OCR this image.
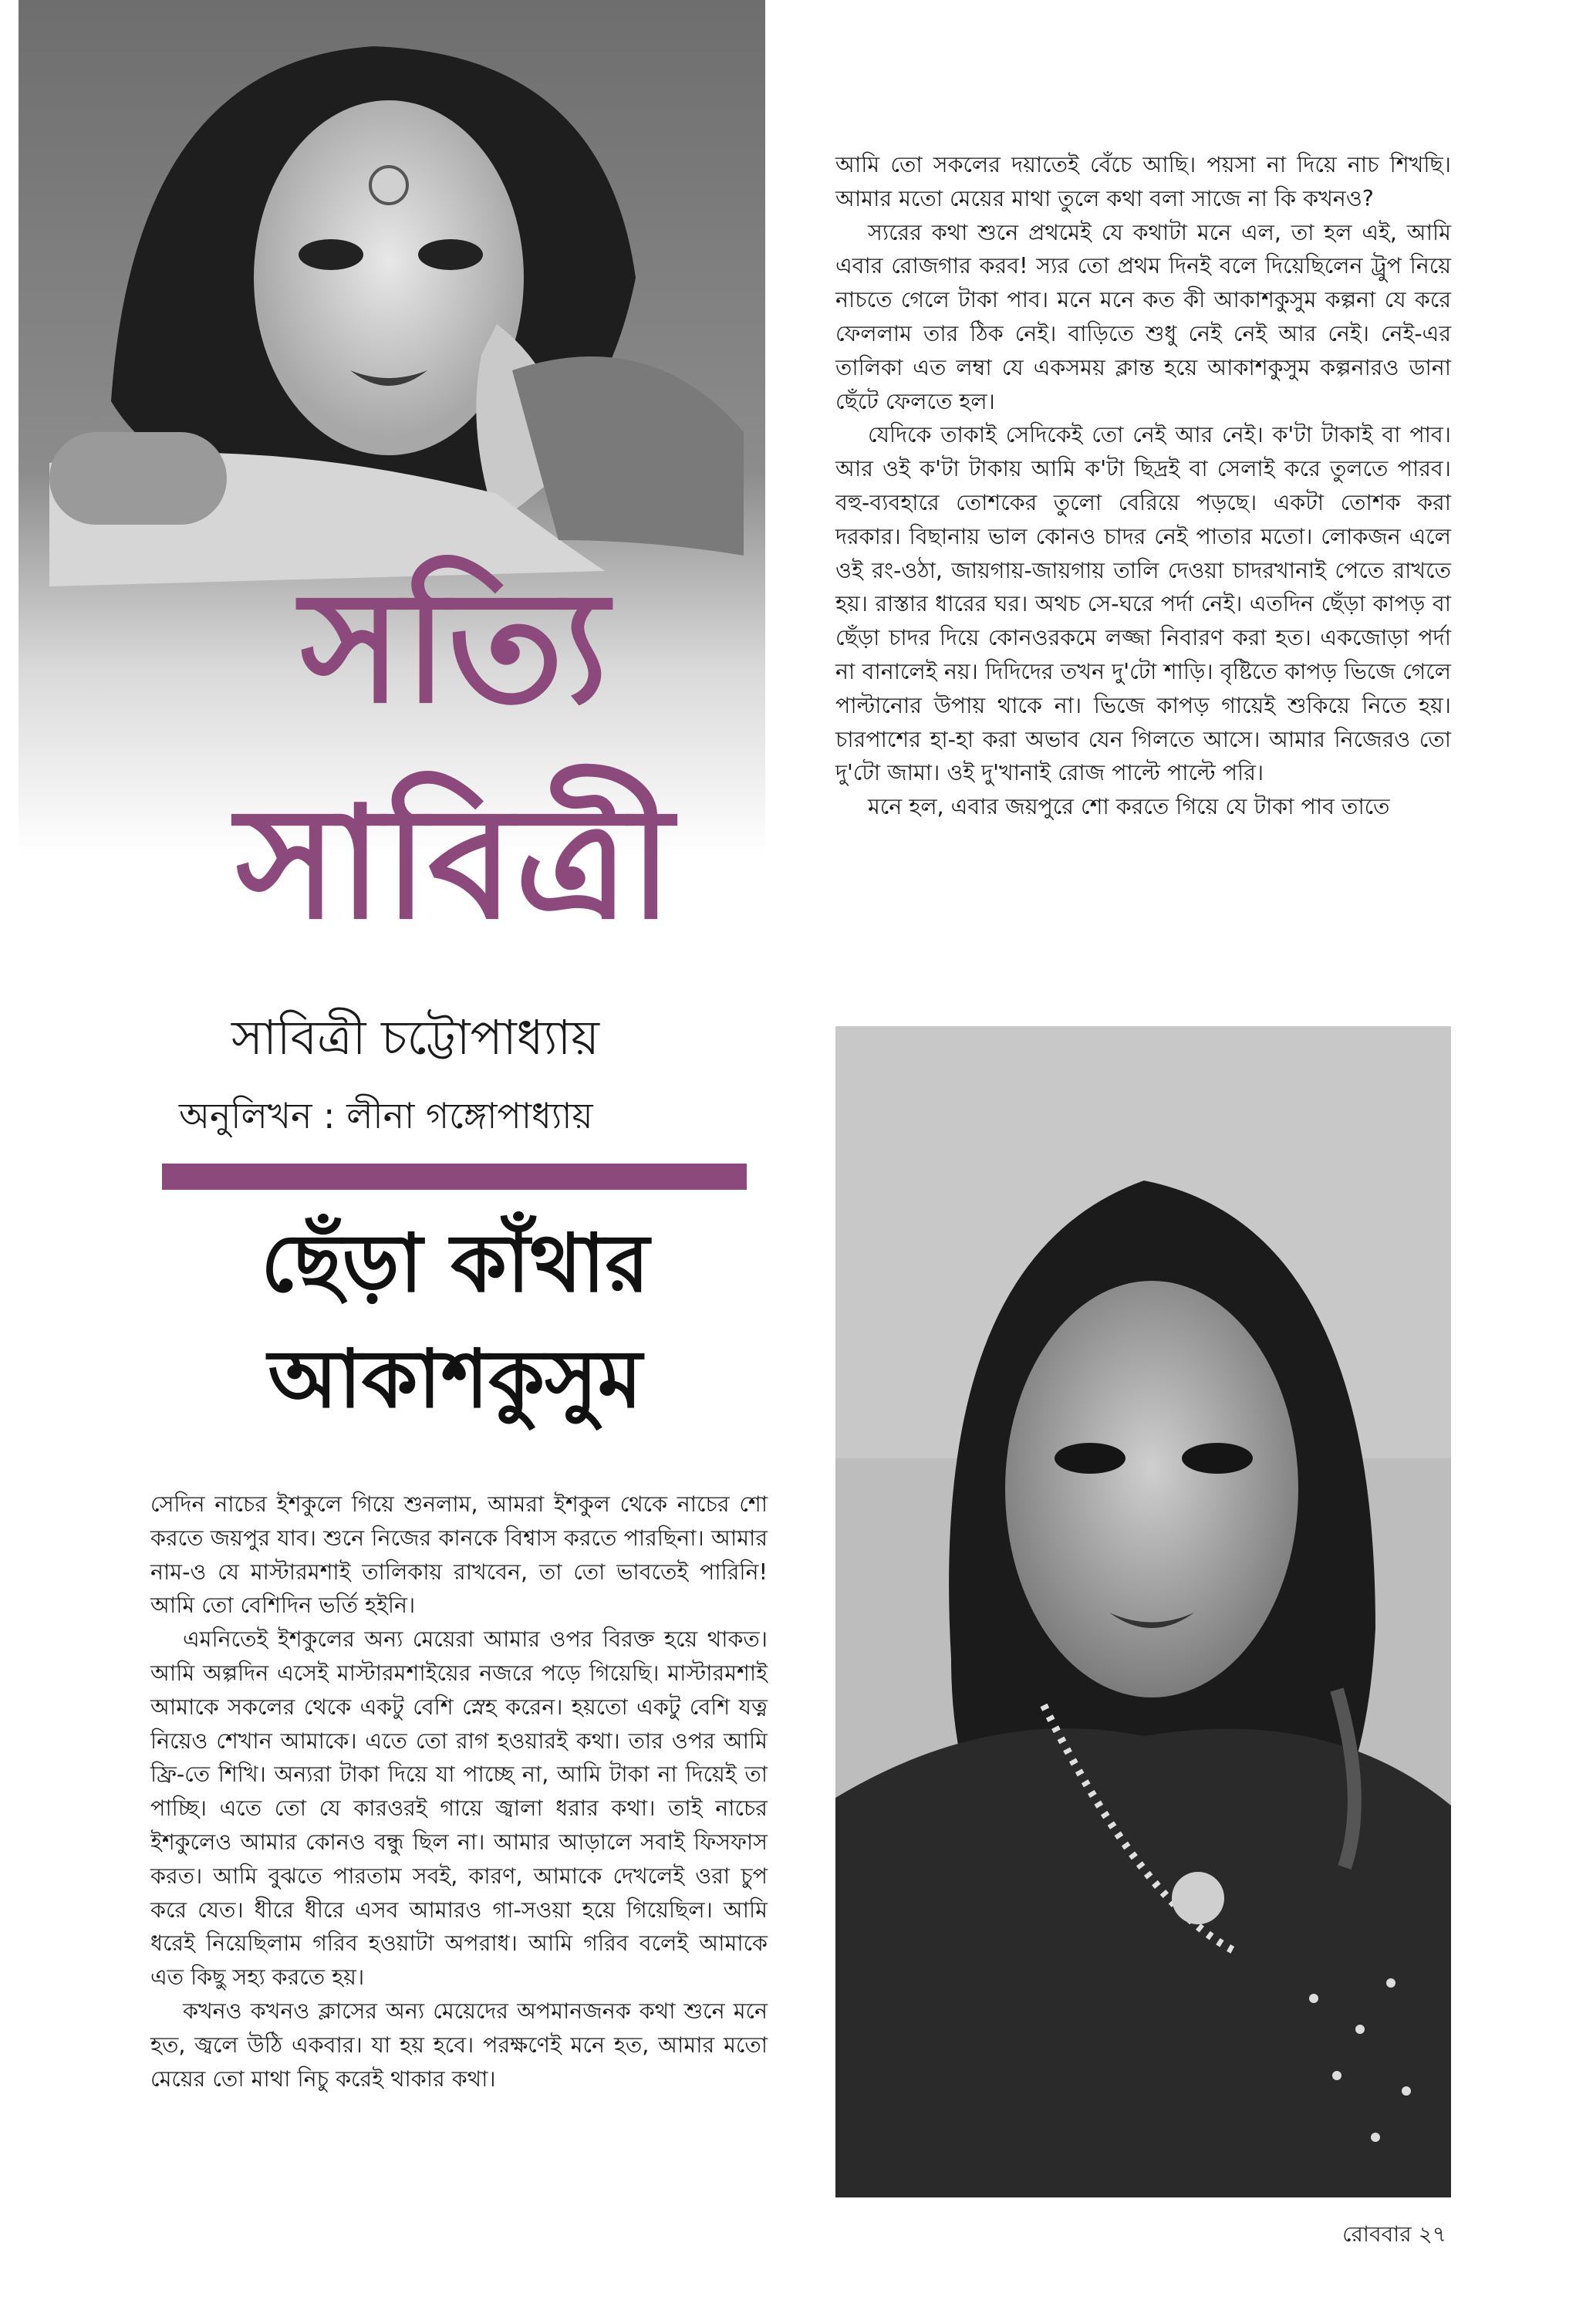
সত্যি
সাবিত্রী

সাবিত্রী চট্টোপাধ্যায়

অনুলিখন : লীনা গঙ্গোপাধ্যায়

ছেঁড়া কাঁথার
আকাশকুসুম

সেদিন নাচের ইশকুলে গিয়ে শুনলাম, আমরা ইশকুল থেকে নাচের শো করতে জয়পুর যাব। শুনে নিজের কানকে বিশ্বাস করতে পারছিনা। আমার নাম-ও যে মাস্টারমশাই তালিকায় রাখবেন, তা তো ভাবতেই পারিনি! আমি তো বেশিদিন ভর্তি হইনি।

এমনিতেই ইশকুলের অন্য মেয়েরা আমার ওপর বিরক্ত হয়ে থাকত। আমি অল্পদিন এসেই মাস্টারমশাইয়ের নজরে পড়ে গিয়েছি। মাস্টারমশাই আমাকে সকলের থেকে একটু বেশি স্নেহ করেন। হয়তো একটু বেশি যত্ন নিয়েও শেখান আমাকে। এতে তো রাগ হওয়ারই কথা। তার ওপর আমি ফ্রি-তে শিখি। অন্যরা টাকা দিয়ে যা পাচ্ছে না, আমি টাকা না দিয়েই তা পাচ্ছি। এতে তো যে কারওরই গায়ে জ্বালা ধরার কথা। তাই নাচের ইশকুলেও আমার কোনও বন্ধু ছিল না। আমার আড়ালে সবাই ফিসফাস করত। আমি বুঝতে পারতাম সবই, কারণ, আমাকে দেখলেই ওরা চুপ করে যেত। ধীরে ধীরে এসব আমারও গা-সওয়া হয়ে গিয়েছিল। আমি ধরেই নিয়েছিলাম গরিব হওয়াটা অপরাধ। আমি গরিব বলেই আমাকে এত কিছু সহ্য করতে হয়।

কখনও কখনও ক্লাসের অন্য মেয়েদের অপমানজনক কথা শুনে মনে হত, জ্বলে উঠি একবার। যা হয় হবে। পরক্ষণেই মনে হত, আমার মতো মেয়ের তো মাথা নিচু করেই থাকার কথা।

আমি তো সকলের দয়াতেই বেঁচে আছি। পয়সা না দিয়ে নাচ শিখছি। আমার মতো মেয়ের মাথা তুলে কথা বলা সাজে না কি কখনও?

স্যরের কথা শুনে প্রথমেই যে কথাটা মনে এল, তা হল এই, আমি এবার রোজগার করব! স্যর তো প্রথম দিনই বলে দিয়েছিলেন ট্রুপ নিয়ে নাচতে গেলে টাকা পাব। মনে মনে কত কী আকাশকুসুম কল্পনা যে করে ফেললাম তার ঠিক নেই। বাড়িতে শুধু নেই নেই আর নেই। নেই-এর তালিকা এত লম্বা যে একসময় ক্লান্ত হয়ে আকাশকুসুম কল্পনারও ডানা ছেঁটে ফেলতে হল।

যেদিকে তাকাই সেদিকেই তো নেই আর নেই। ক'টা টাকাই বা পাব। আর ওই ক'টা টাকায় আমি ক'টা ছিদ্রই বা সেলাই করে তুলতে পারব। বহু-ব্যবহারে তোশকের তুলো বেরিয়ে পড়ছে। একটা তোশক করা দরকার। বিছানায় ভাল কোনও চাদর নেই পাতার মতো। লোকজন এলে ওই রং-ওঠা, জায়গায়-জায়গায় তালি দেওয়া চাদরখানাই পেতে রাখতে হয়। রাস্তার ধারের ঘর। অথচ সে-ঘরে পর্দা নেই। এতদিন ছেঁড়া কাপড় বা ছেঁড়া চাদর দিয়ে কোনওরকমে লজ্জা নিবারণ করা হত। একজোড়া পর্দা না বানালেই নয়। দিদিদের তখন দু'টো শাড়ি। বৃষ্টিতে কাপড় ভিজে গেলে পাল্টানোর উপায় থাকে না। ভিজে কাপড় গায়েই শুকিয়ে নিতে হয়। চারপাশের হা-হা করা অভাব যেন গিলতে আসে। আমার নিজেরও তো দু'টো জামা। ওই দু'খানাই রোজ পাল্টে পাল্টে পরি।

মনে হল, এবার জয়পুরে শো করতে গিয়ে যে টাকা পাব তাতে

রোববার ২৭
